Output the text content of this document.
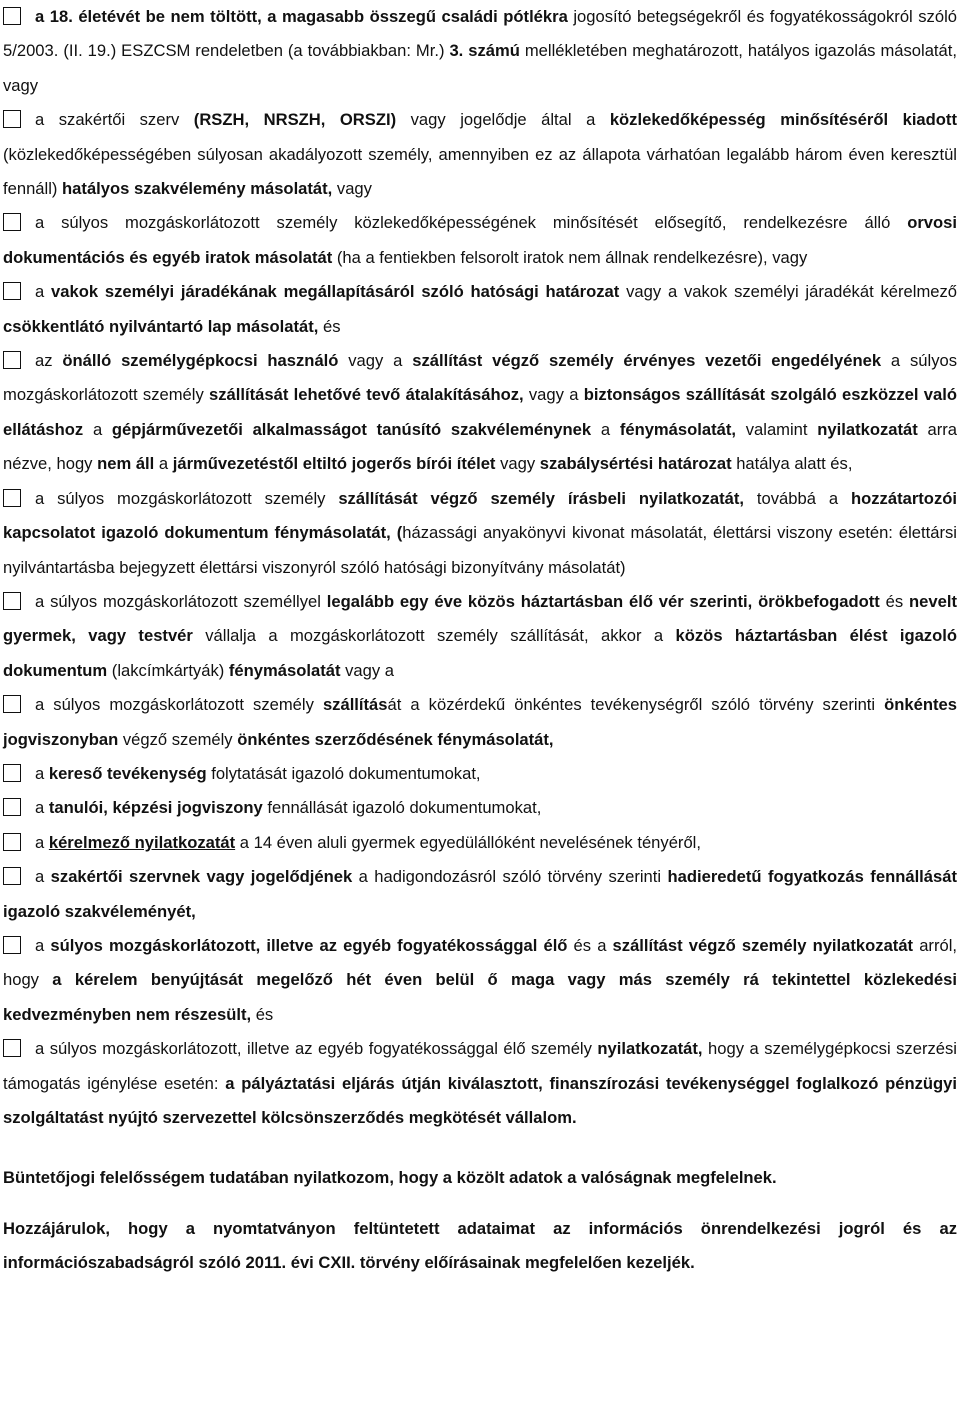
a 18. életévét be nem töltött, a magasabb összegű családi pótlékra jogosító betegségekről és fogyatékosságokról szóló 5/2003. (II. 19.) ESZCSM rendeletben (a továbbiakban: Mr.) 3. számú mellékletében meghatározott, hatályos igazolás másolatát, vagy

a szakértői szerv (RSZH, NRSZH, ORSZI) vagy jogelődje által a közlekedőképesség minősítéséről kiadott (közlekedőképességében súlyosan akadályozott személy, amennyiben ez az állapota várhatóan legalább három éven keresztül fennáll) hatályos szakvélemény másolatát, vagy

a súlyos mozgáskorlátozott személy közlekedőképességének minősítését elősegítő, rendelkezésre álló orvosi dokumentációs és egyéb iratok másolatát (ha a fentiekben felsorolt iratok nem állnak rendelkezésre), vagy

a vakok személyi járadékának megállapításáról szóló hatósági határozat vagy a vakok személyi járadékát kérelmező csökkentlátó nyilvántartó lap másolatát, és

az önálló személygépkocsi használó vagy a szállítást végző személy érvényes vezetői engedélyének a súlyos mozgáskorlátozott személy szállítását lehetővé tevő átalakításához, vagy a biztonságos szállítását szolgáló eszközzel való ellátáshoz a gépjárművezetői alkalmasságot tanúsító szakvéleménynek a fénymásolatát, valamint nyilatkozatát arra nézve, hogy nem áll a járművezetéstől eltiltó jogerős bírói ítélet vagy szabálysértési határozat hatálya alatt és,

a súlyos mozgáskorlátozott személy szállítását végző személy írásbeli nyilatkozatát, továbbá a hozzátartozói kapcsolatot igazoló dokumentum fénymásolatát, (házassági anyakönyvi kivonat másolatát, élettársi viszony esetén: élettársi nyilvántartásba bejegyzett élettársi viszonyról szóló hatósági bizonyítvány másolatát)

a súlyos mozgáskorlátozott személlyel legalább egy éve közös háztartásban élő vér szerinti, örökbefogadott és nevelt gyermek, vagy testvér vállalja a mozgáskorlátozott személy szállítását, akkor a közös háztartásban élést igazoló dokumentum (lakcímkártyák) fénymásolatát vagy a

a súlyos mozgáskorlátozott személy szállítását a közérdekű önkéntes tevékenységről szóló törvény szerinti önkéntes jogviszonyban végző személy önkéntes szerződésének fénymásolatát,

a kereső tevékenység folytatását igazoló dokumentumokat,

a tanulói, képzési jogviszony fennállását igazoló dokumentumokat,

a kérelmező nyilatkozatát a 14 éven aluli gyermek egyedülállóként nevelésének tényéről,

a szakértői szervnek vagy jogelődjének a hadigondozásról szóló törvény szerinti hadieredetű fogyatkozás fennállását igazoló szakvéleményét,

a súlyos mozgáskorlátozott, illetve az egyéb fogyatékossággal élő és a szállítást végző személy nyilatkozatát arról, hogy a kérelem benyújtását megelőző hét éven belül ő maga vagy más személy rá tekintettel közlekedési kedvezményben nem részesült, és

a súlyos mozgáskorlátozott, illetve az egyéb fogyatékossággal élő személy nyilatkozatát, hogy a személygépkocsi szerzési támogatás igénylése esetén: a pályáztatási eljárás útján kiválasztott, finanszírozási tevékenységgel foglalkozó pénzügyi szolgáltatást nyújtó szervezettel kölcsönszerződés megkötését vállalom.

Büntetőjogi felelősségem tudatában nyilatkozom, hogy a közölt adatok a valóságnak megfelelnek.

Hozzájárulok, hogy a nyomtatványon feltüntetett adataimat az információs önrendelkezési jogról és az információszabadságról szóló 2011. évi CXII. törvény előírásainak megfelelően kezeljék.
